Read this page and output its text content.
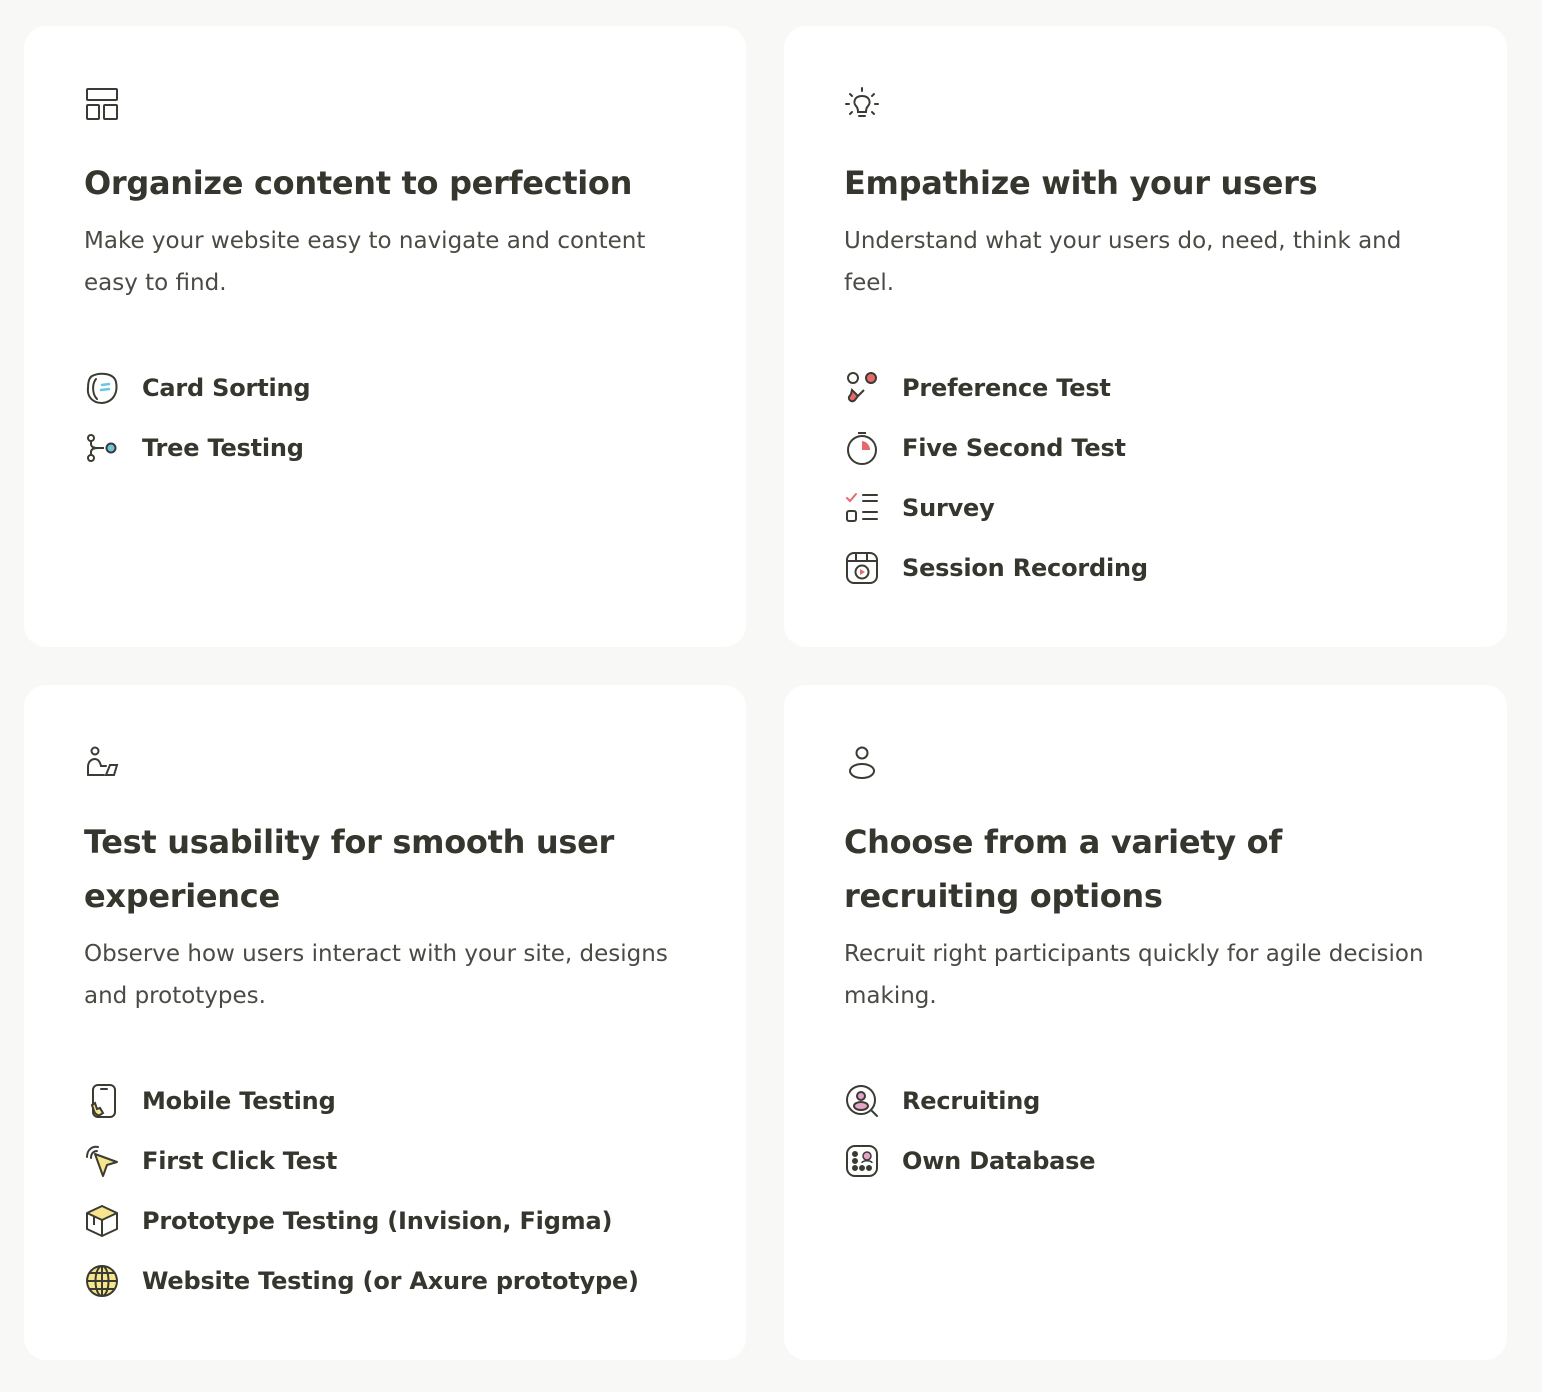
Organize content to perfection

Make your website easy to navigate and content easy to find.

Card Sorting
Tree Testing
Empathize with your users

Understand what your users do, need, think and feel.

Preference Test
Five Second Test
Survey
Session Recording
Test usability for smooth user experience

Observe how users interact with your site, designs and prototypes.

Mobile Testing
First Click Test
Prototype Testing (Invision, Figma)
Website Testing (or Axure prototype)
Choose from a variety of recruiting options

Recruit right participants quickly for agile decision making.

Recruiting
Own Database
